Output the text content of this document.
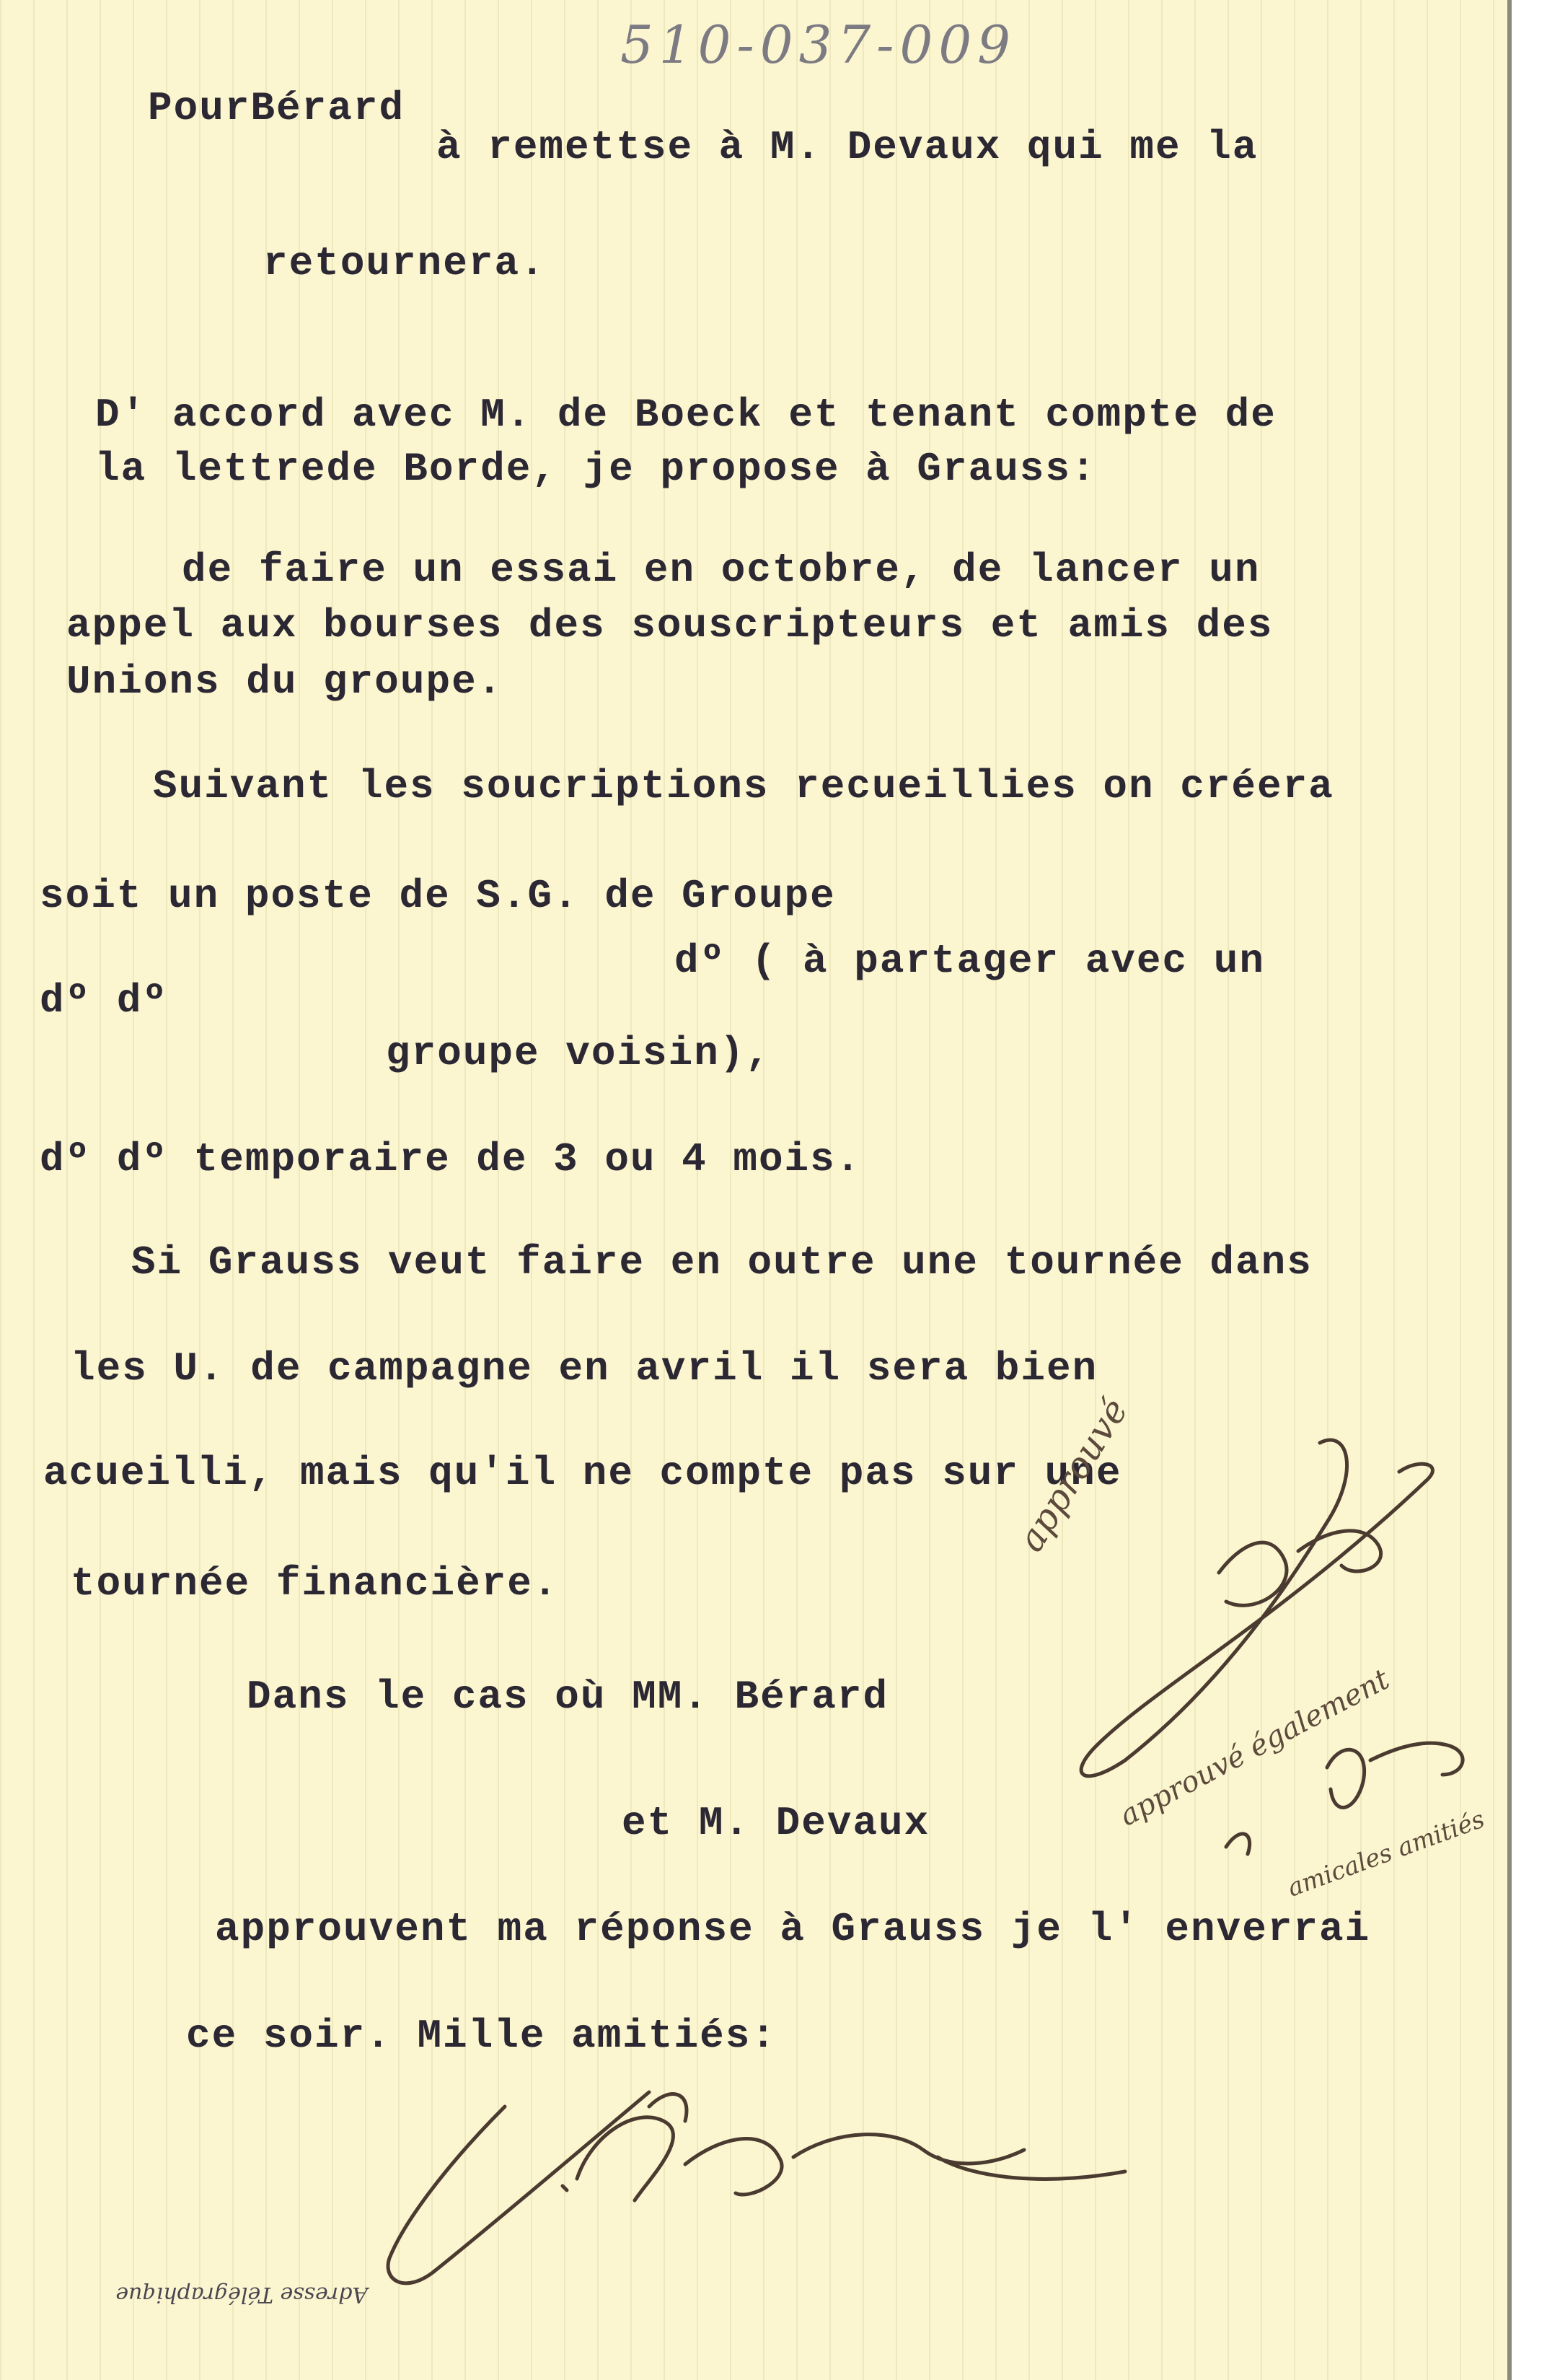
510-037-009
PourBérard
à remettse à M. Devaux qui me la
retournera.
D' accord avec M. de Boeck et tenant compte de
la lettrede Borde, je propose à Grauss:
de faire un essai en octobre, de lancer un
appel aux bourses des souscripteurs et amis des
Unions du groupe.
Suivant les soucriptions recueillies on créera
soit un poste de S.G. de Groupe
dº dº
dº ( à partager avec un
groupe voisin),
dº dº temporaire de 3 ou 4 mois.
Si Grauss veut faire en outre une tournée dans
les U. de campagne en avril il sera bien
acueilli, mais qu'il ne compte pas sur une
tournée financière.
Dans le cas où MM. Bérard
et M. Devaux
approuvent ma réponse à Grauss je l' enverrai
ce soir. Mille amitiés:
approuvé
approuvé également
amicales amitiés
Adresse Télégraphique
